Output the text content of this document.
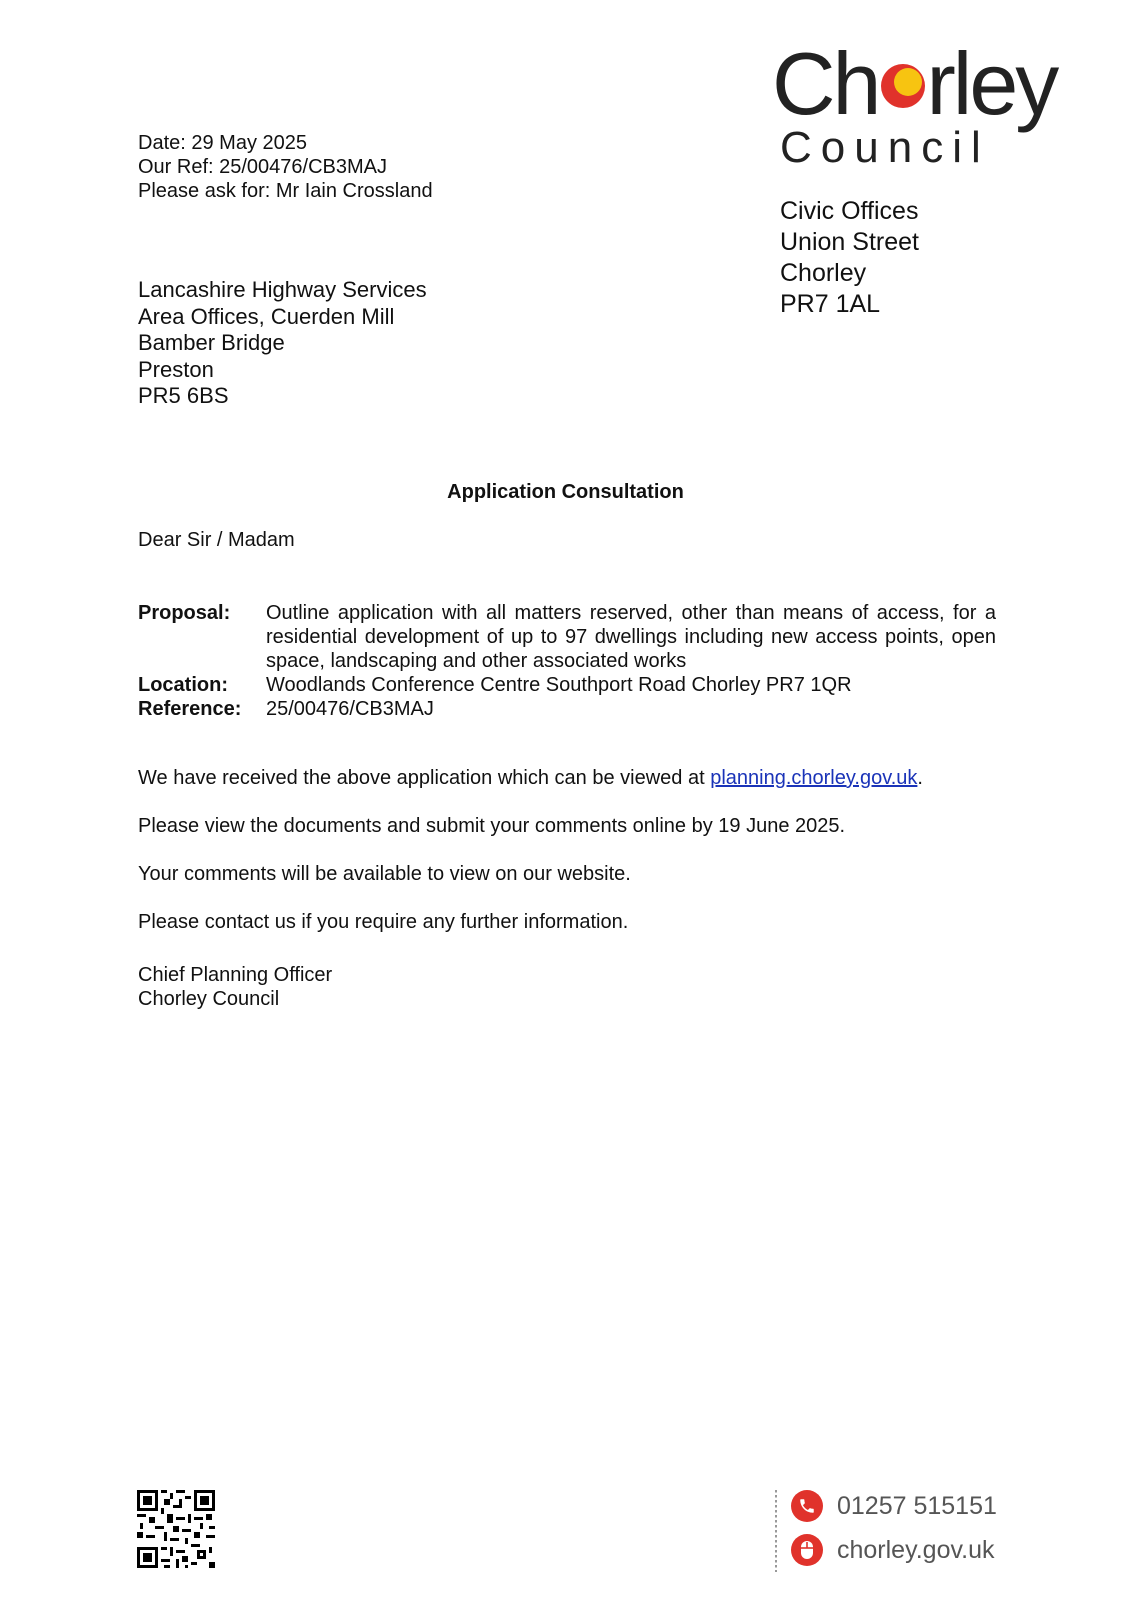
Date: 29 May 2025
Our Ref: 25/00476/CB3MAJ
Please ask for: Mr Iain Crossland
Ch rley
Council
Civic Offices
Union Street
Chorley
PR7 1AL
Lancashire Highway Services
Area Offices, Cuerden Mill
Bamber Bridge
Preston
PR5 6BS
Application Consultation
Dear Sir / Madam
Proposal:	Outline application with all matters reserved, other than means of access, for a residential development of up to 97 dwellings including new access points, open space, landscaping and other associated works
Location:	Woodlands Conference Centre Southport Road Chorley PR7 1QR
Reference:	25/00476/CB3MAJ
We have received the above application which can be viewed at planning.chorley.gov.uk.
Please view the documents and submit your comments online by 19 June 2025.
Your comments will be available to view on our website.
Please contact us if you require any further information.
Chief Planning Officer
Chorley Council
01257 515151
chorley.gov.uk
